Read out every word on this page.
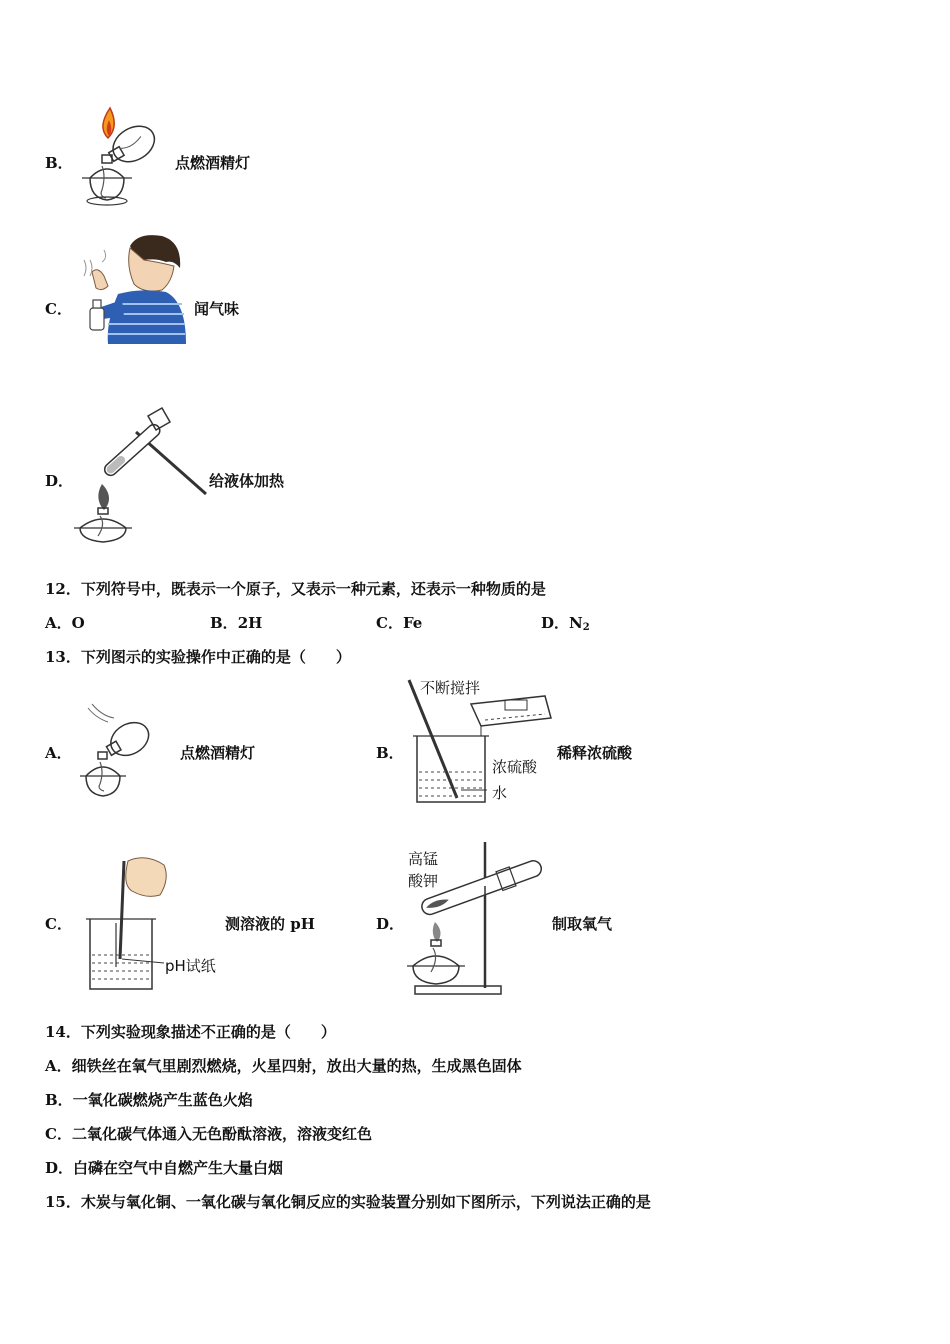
B．	点燃酒精灯
C．	闻气味
D．	给液体加热
12．下列符号中，既表示一个原子，又表示一种元素，还表示一种物质的是
A．O	B．2H	C．Fe	D．$N_2$
13．下列图示的实验操作中正确的是（　　）
A．	点燃酒精灯	B．
不断搅拌
浓硫酸
水
稀释浓硫酸
C．
pH试纸
测溶液的 pH	D．
高锰
酸钾
制取氧气
14．下列实验现象描述不正确的是（　　）
A．细铁丝在氧气里剧烈燃烧，火星四射，放出大量的热，生成黑色固体
B．一氧化碳燃烧产生蓝色火焰
C．二氧化碳气体通入无色酚酞溶液，溶液变红色
D．白磷在空气中自燃产生大量白烟
15．木炭与氧化铜、一氧化碳与氧化铜反应的实验装置分别如下图所示，下列说法正确的是
